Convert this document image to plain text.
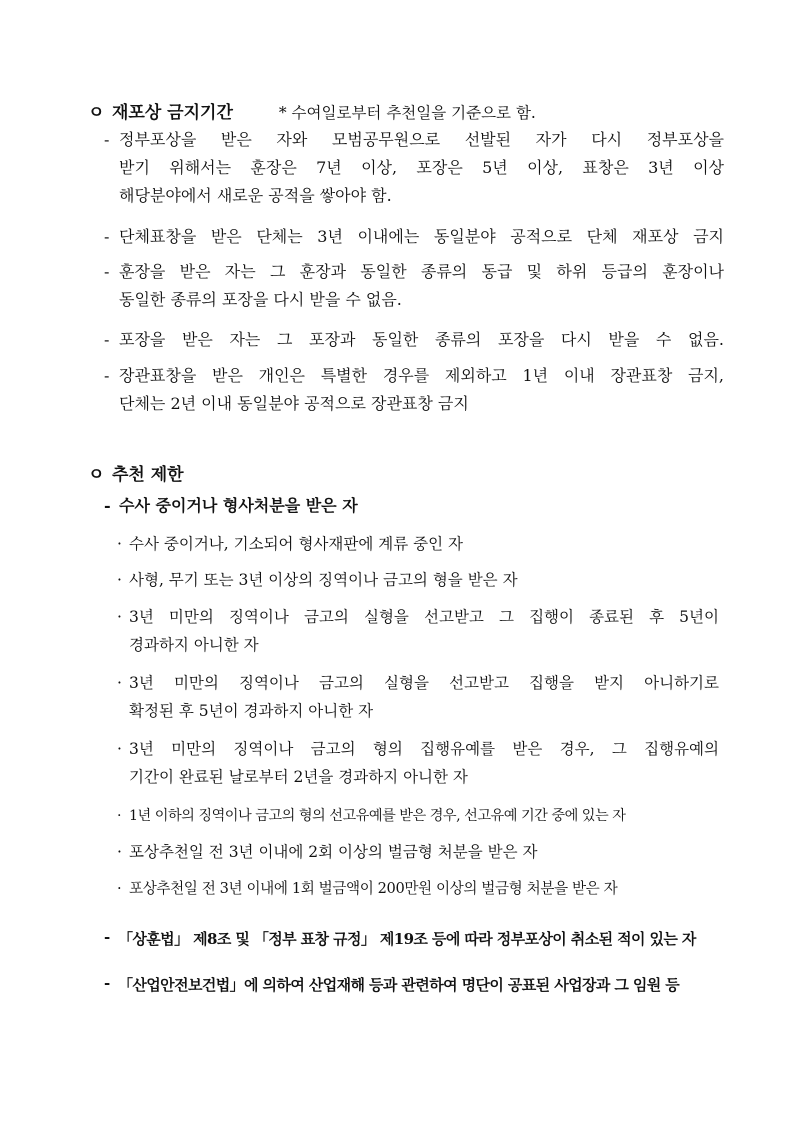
ㅇ 재포상 금지기간	* 수여일로부터 추천일을 기준으로 함.
- 정부포상을 받은 자와 모범공무원으로 선발된 자가 다시 정부포상을
받기 위해서는 훈장은 7년 이상, 포장은 5년 이상, 표창은 3년 이상
해당분야에서 새로운 공적을 쌓아야 함.
- 단체표창을 받은 단체는 3년 이내에는 동일분야 공적으로 단체 재포상 금지
- 훈장을 받은 자는 그 훈장과 동일한 종류의 동급 및 하위 등급의 훈장이나
동일한 종류의 포장을 다시 받을 수 없음.
- 포장을 받은 자는 그 포장과 동일한 종류의 포장을 다시 받을 수 없음.
- 장관표창을 받은 개인은 특별한 경우를 제외하고 1년 이내 장관표창 금지,
단체는 2년 이내 동일분야 공적으로 장관표창 금지
ㅇ 추천 제한
- 수사 중이거나 형사처분을 받은 자
· 수사 중이거나, 기소되어 형사재판에 계류 중인 자
· 사형, 무기 또는 3년 이상의 징역이나 금고의 형을 받은 자
· 3년 미만의 징역이나 금고의 실형을 선고받고 그 집행이 종료된 후 5년이
경과하지 아니한 자
· 3년 미만의 징역이나 금고의 실형을 선고받고 집행을 받지 아니하기로
확정된 후 5년이 경과하지 아니한 자
· 3년 미만의 징역이나 금고의 형의 집행유예를 받은 경우, 그 집행유예의
기간이 완료된 날로부터 2년을 경과하지 아니한 자
· 1년 이하의 징역이나 금고의 형의 선고유예를 받은 경우, 선고유예 기간 중에 있는 자
· 포상추천일 전 3년 이내에 2회 이상의 벌금형 처분을 받은 자
· 포상추천일 전 3년 이내에 1회 벌금액이 200만원 이상의 벌금형 처분을 받은 자
- 「상훈법」 제8조 및 「정부 표창 규정」 제19조 등에 따라 정부포상이 취소된 적이 있는 자
- 「산업안전보건법」에 의하여 산업재해 등과 관련하여 명단이 공표된 사업장과 그 임원 등
